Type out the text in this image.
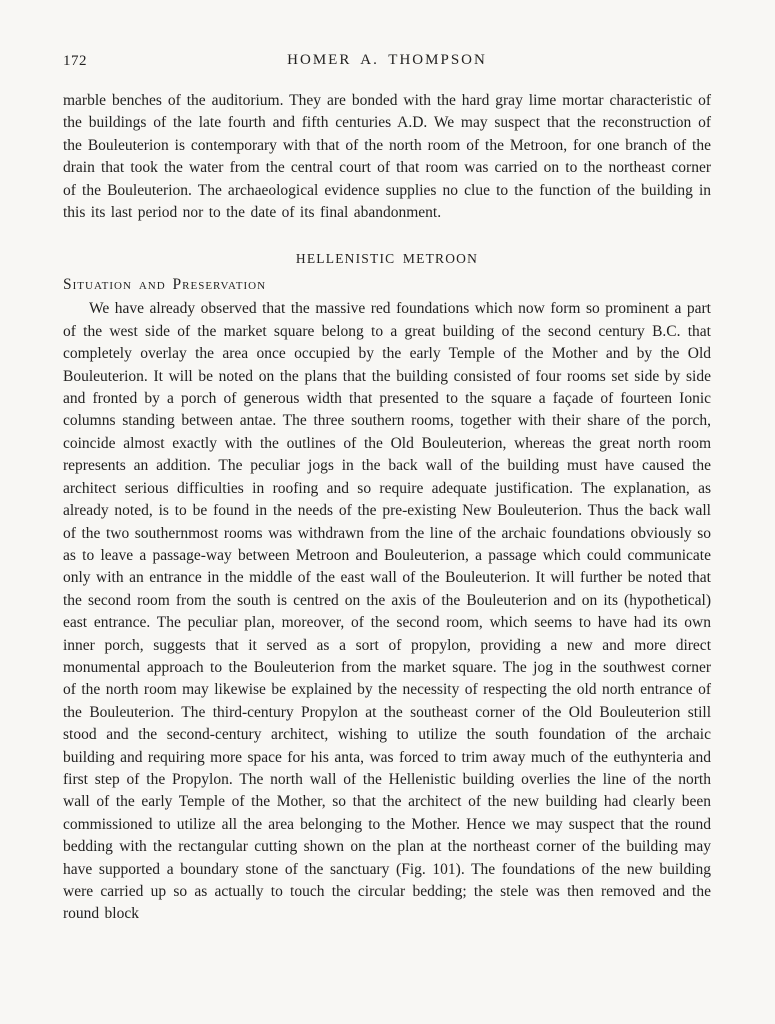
172	HOMER A. THOMPSON

marble benches of the auditorium. They are bonded with the hard gray lime mortar characteristic of the buildings of the late fourth and fifth centuries A.D. We may suspect that the reconstruction of the Bouleuterion is contemporary with that of the north room of the Metroon, for one branch of the drain that took the water from the central court of that room was carried on to the northeast corner of the Bouleuterion. The archaeological evidence supplies no clue to the function of the building in this its last period nor to the date of its final abandonment.

HELLENISTIC METROON
Situation and Preservation

We have already observed that the massive red foundations which now form so prominent a part of the west side of the market square belong to a great building of the second century B.C. that completely overlay the area once occupied by the early Temple of the Mother and by the Old Bouleuterion. It will be noted on the plans that the building consisted of four rooms set side by side and fronted by a porch of generous width that presented to the square a façade of fourteen Ionic columns standing between antae. The three southern rooms, together with their share of the porch, coincide almost exactly with the outlines of the Old Bouleuterion, whereas the great north room represents an addition. The peculiar jogs in the back wall of the building must have caused the architect serious difficulties in roofing and so require adequate justification. The explanation, as already noted, is to be found in the needs of the pre-existing New Bouleuterion. Thus the back wall of the two southernmost rooms was withdrawn from the line of the archaic foundations obviously so as to leave a passage-way between Metroon and Bouleuterion, a passage which could communicate only with an entrance in the middle of the east wall of the Bouleuterion. It will further be noted that the second room from the south is centred on the axis of the Bouleuterion and on its (hypothetical) east entrance. The peculiar plan, moreover, of the second room, which seems to have had its own inner porch, suggests that it served as a sort of propylon, providing a new and more direct monumental approach to the Bouleuterion from the market square. The jog in the southwest corner of the north room may likewise be explained by the necessity of respecting the old north entrance of the Bouleuterion. The third-century Propylon at the southeast corner of the Old Bouleuterion still stood and the second-century architect, wishing to utilize the south foundation of the archaic building and requiring more space for his anta, was forced to trim away much of the euthynteria and first step of the Propylon. The north wall of the Hellenistic building overlies the line of the north wall of the early Temple of the Mother, so that the architect of the new building had clearly been commissioned to utilize all the area belonging to the Mother. Hence we may suspect that the round bedding with the rectangular cutting shown on the plan at the northeast corner of the building may have supported a boundary stone of the sanctuary (Fig. 101). The foundations of the new building were carried up so as actually to touch the circular bedding; the stele was then removed and the round block
